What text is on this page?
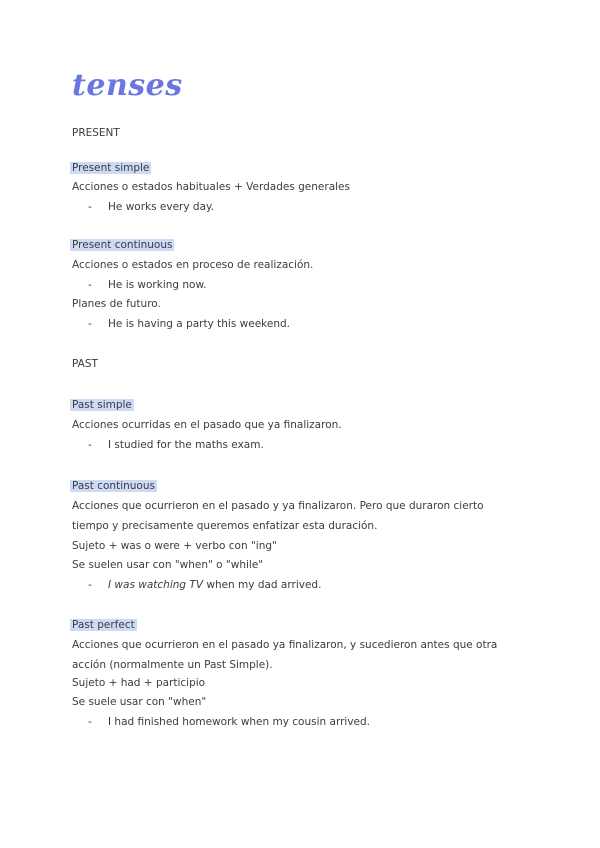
tenses
PRESENT
Present simple
Acciones o estados habituales + Verdades generales
- He works every day.
Present continuous
Acciones o estados en proceso de realización.
- He is working now.
Planes de futuro.
- He is having a party this weekend.
PAST
Past simple
Acciones ocurridas en el pasado que ya finalizaron.
- I studied for the maths exam.
Past continuous
Acciones que ocurrieron en el pasado y ya finalizaron. Pero que duraron cierto tiempo y precisamente queremos enfatizar esta duración.
Sujeto + was o were + verbo con "ing"
Se suelen usar con "when" o "while"
- I was watching TV when my dad arrived.
Past perfect
Acciones que ocurrieron en el pasado ya finalizaron, y sucedieron antes que otra acción (normalmente un Past Simple).
Sujeto + had + participio
Se suele usar con "when"
- I had finished homework when my cousin arrived.
